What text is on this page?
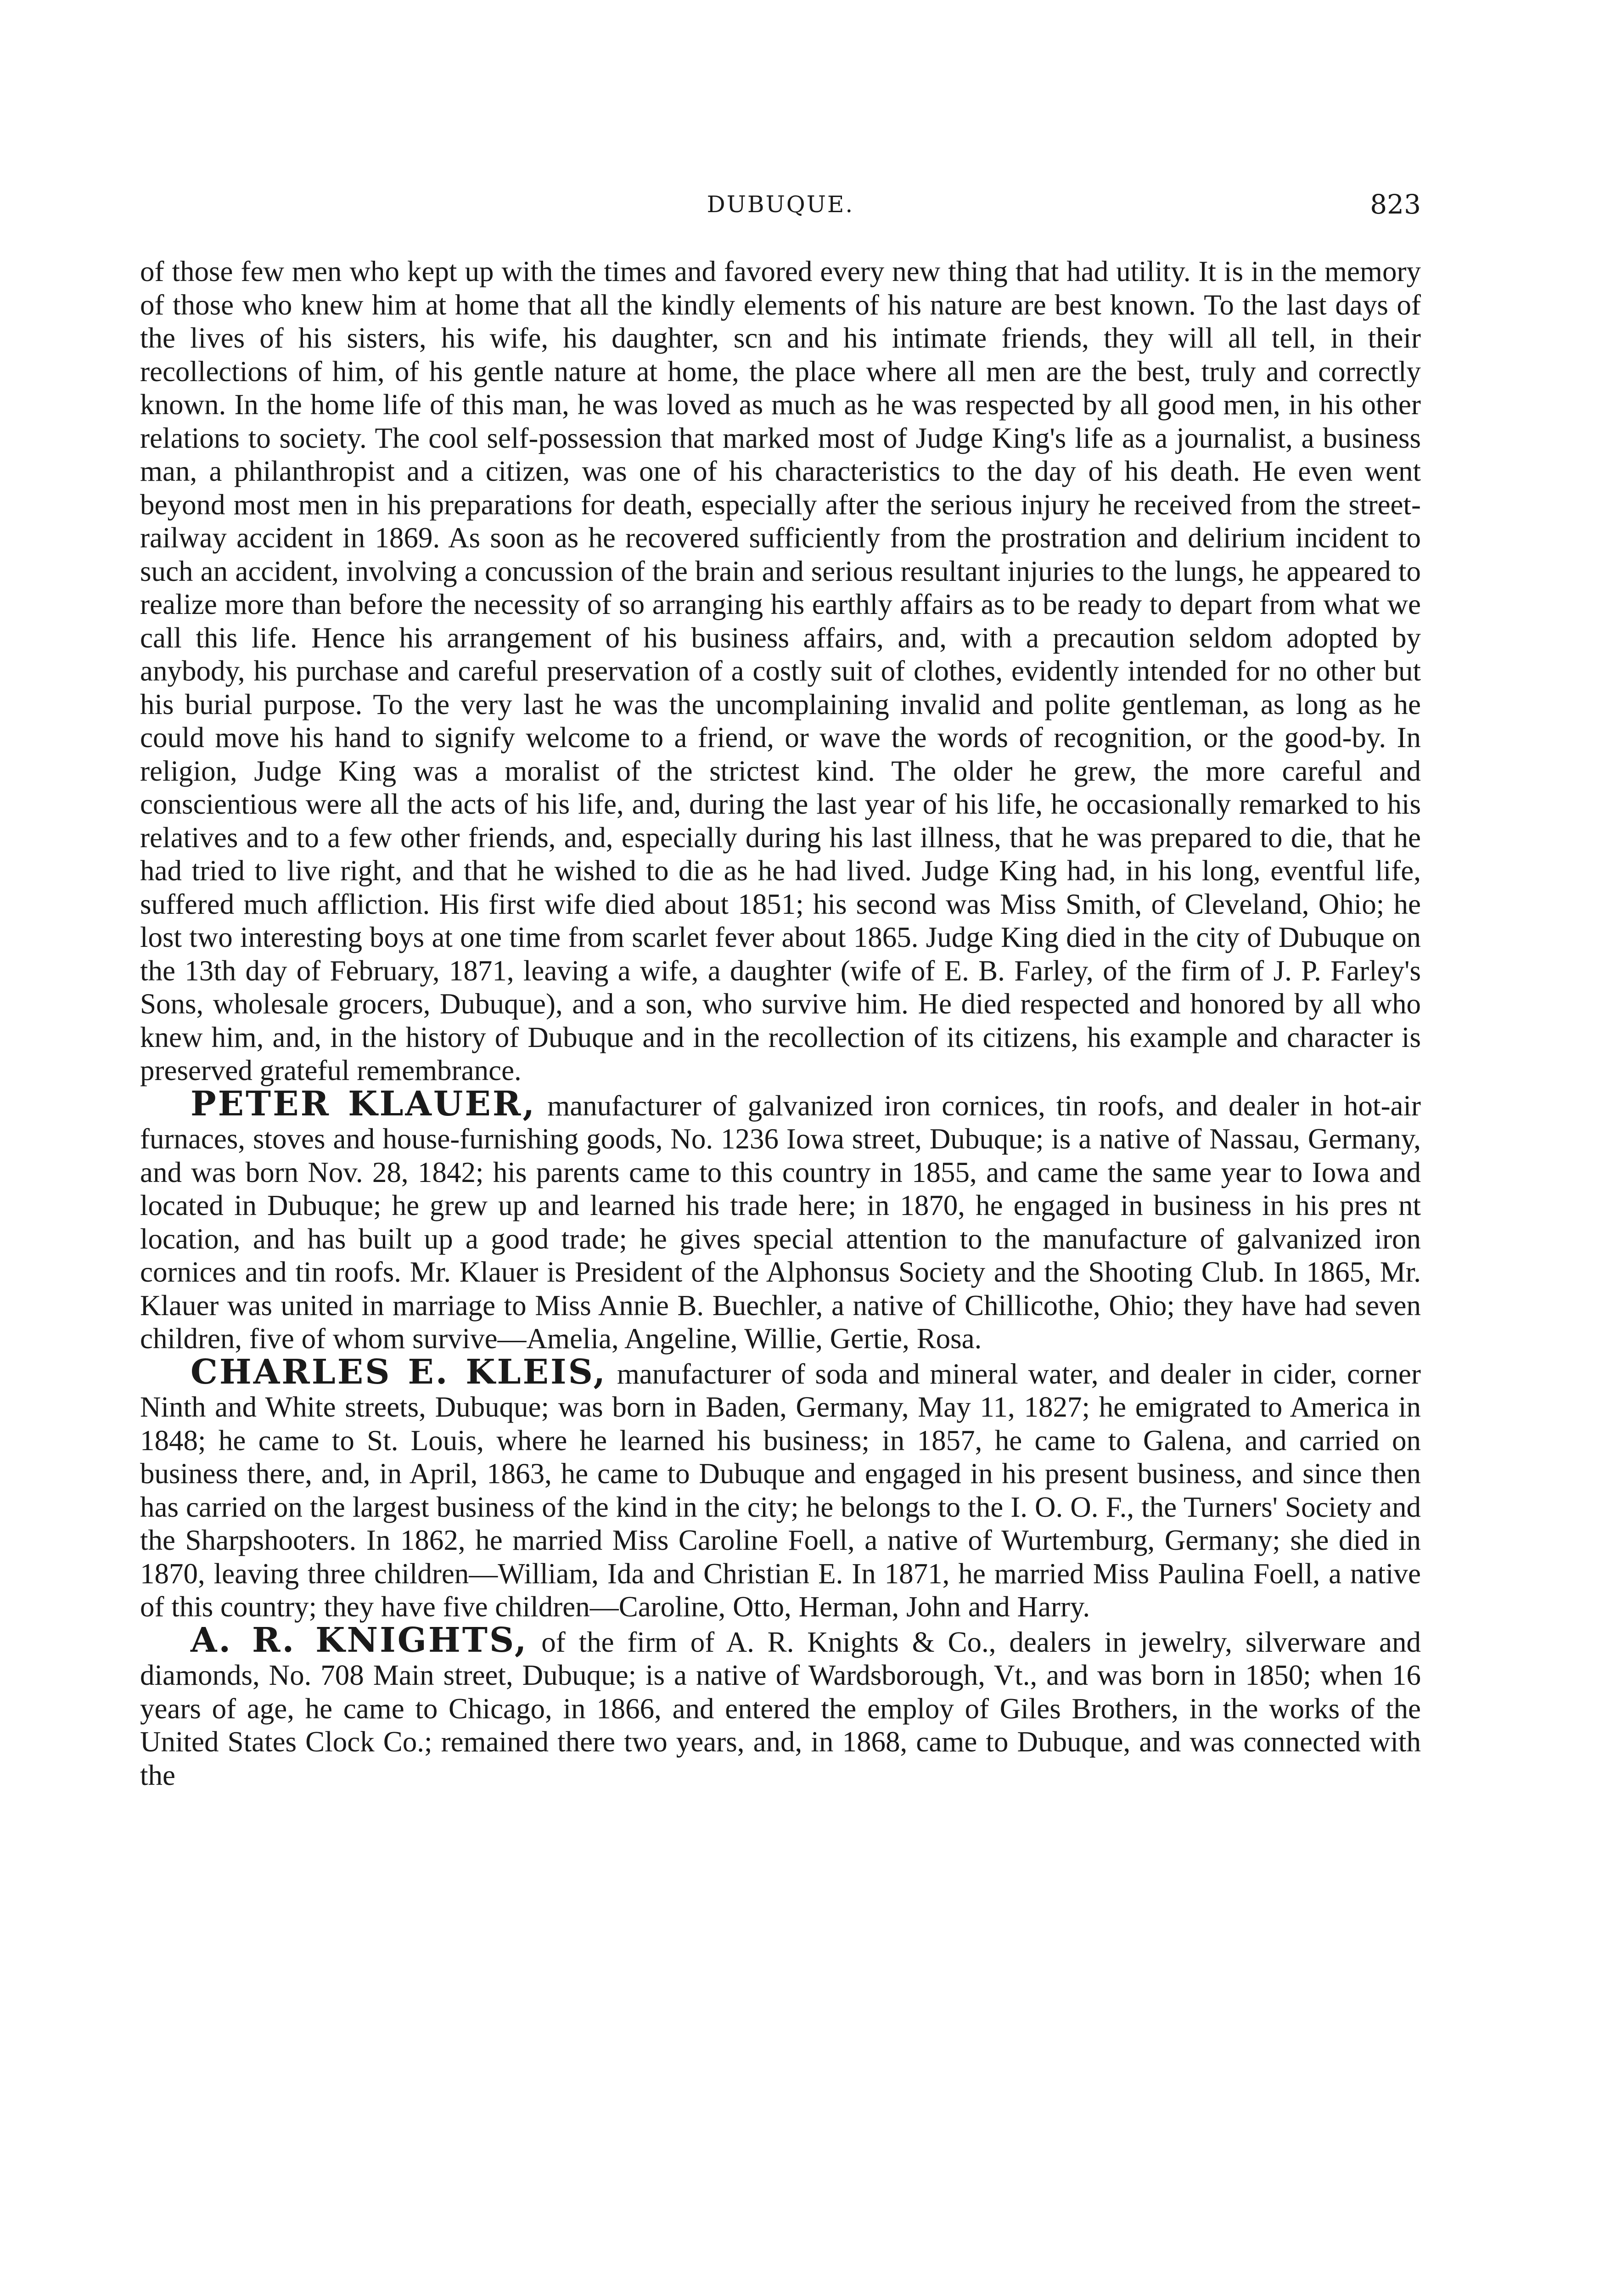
DUBUQUE.	823

of those few men who kept up with the times and favored every new thing that had utility. It is in the memory of those who knew him at home that all the kindly elements of his nature are best known. To the last days of the lives of his sisters, his wife, his daughter, scn and his intimate friends, they will all tell, in their recollections of him, of his gentle nature at home, the place where all men are the best, truly and correctly known. In the home life of this man, he was loved as much as he was respected by all good men, in his other relations to society. The cool self-possession that marked most of Judge King's life as a journalist, a business man, a philanthropist and a citizen, was one of his characteristics to the day of his death. He even went beyond most men in his preparations for death, especially after the serious injury he received from the street-railway accident in 1869. As soon as he recovered sufficiently from the prostration and delirium incident to such an accident, involving a concussion of the brain and serious resultant injuries to the lungs, he appeared to realize more than before the necessity of so arranging his earthly affairs as to be ready to depart from what we call this life. Hence his arrangement of his business affairs, and, with a precaution seldom adopted by anybody, his purchase and careful preservation of a costly suit of clothes, evidently intended for no other but his burial purpose. To the very last he was the uncomplaining invalid and polite gentleman, as long as he could move his hand to signify welcome to a friend, or wave the words of recognition, or the good-by. In religion, Judge King was a moralist of the strictest kind. The older he grew, the more careful and conscientious were all the acts of his life, and, during the last year of his life, he occasionally remarked to his relatives and to a few other friends, and, especially during his last illness, that he was prepared to die, that he had tried to live right, and that he wished to die as he had lived. Judge King had, in his long, eventful life, suffered much affliction. His first wife died about 1851; his second was Miss Smith, of Cleveland, Ohio; he lost two interesting boys at one time from scarlet fever about 1865. Judge King died in the city of Dubuque on the 13th day of February, 1871, leaving a wife, a daughter (wife of E. B. Farley, of the firm of J. P. Farley's Sons, wholesale grocers, Dubuque), and a son, who survive him. He died respected and honored by all who knew him, and, in the history of Dubuque and in the recollection of its citizens, his example and character is preserved grateful remembrance.

PETER KLAUER, manufacturer of galvanized iron cornices, tin roofs, and dealer in hot-air furnaces, stoves and house-furnishing goods, No. 1236 Iowa street, Dubuque; is a native of Nassau, Germany, and was born Nov. 28, 1842; his parents came to this country in 1855, and came the same year to Iowa and located in Dubuque; he grew up and learned his trade here; in 1870, he engaged in business in his pres nt location, and has built up a good trade; he gives special attention to the manufacture of galvanized iron cornices and tin roofs. Mr. Klauer is President of the Alphonsus Society and the Shooting Club. In 1865, Mr. Klauer was united in marriage to Miss Annie B. Buechler, a native of Chillicothe, Ohio; they have had seven children, five of whom survive—Amelia, Angeline, Willie, Gertie, Rosa.

CHARLES E. KLEIS, manufacturer of soda and mineral water, and dealer in cider, corner Ninth and White streets, Dubuque; was born in Baden, Germany, May 11, 1827; he emigrated to America in 1848; he came to St. Louis, where he learned his business; in 1857, he came to Galena, and carried on business there, and, in April, 1863, he came to Dubuque and engaged in his present business, and since then has carried on the largest business of the kind in the city; he belongs to the I. O. O. F., the Turners' Society and the Sharpshooters. In 1862, he married Miss Caroline Foell, a native of Wurtemburg, Germany; she died in 1870, leaving three children—William, Ida and Christian E. In 1871, he married Miss Paulina Foell, a native of this country; they have five children—Caroline, Otto, Herman, John and Harry.

A. R. KNIGHTS, of the firm of A. R. Knights & Co., dealers in jewelry, silverware and diamonds, No. 708 Main street, Dubuque; is a native of Wardsborough, Vt., and was born in 1850; when 16 years of age, he came to Chicago, in 1866, and entered the employ of Giles Brothers, in the works of the United States Clock Co.; remained there two years, and, in 1868, came to Dubuque, and was connected with the
